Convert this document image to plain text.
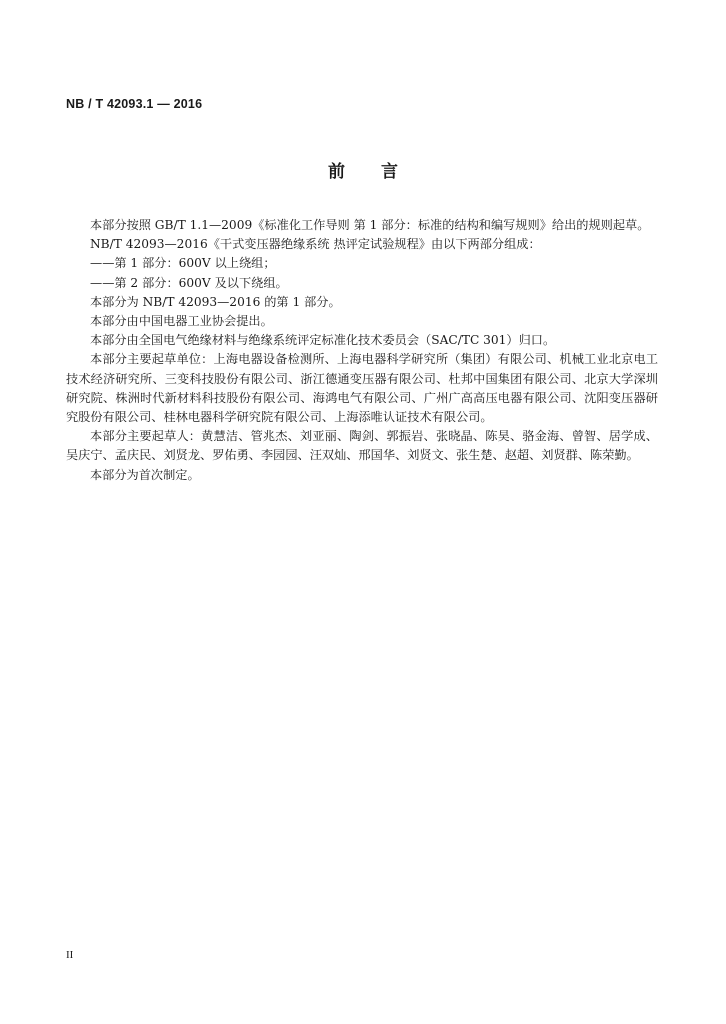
NB / T 42093.1 — 2016
前言

本部分按照 GB/T 1.1—2009《标准化工作导则 第 1 部分：标准的结构和编写规则》给出的规则起草。

NB/T 42093—2016《干式变压器绝缘系统 热评定试验规程》由以下两部分组成：

——第 1 部分：600V 以上绕组；

——第 2 部分：600V 及以下绕组。

本部分为 NB/T 42093—2016 的第 1 部分。

本部分由中国电器工业协会提出。

本部分由全国电气绝缘材料与绝缘系统评定标准化技术委员会（SAC/TC 301）归口。

本部分主要起草单位：上海电器设备检测所、上海电器科学研究所（集团）有限公司、机械工业北京电工技术经济研究所、三变科技股份有限公司、浙江德通变压器有限公司、杜邦中国集团有限公司、北京大学深圳研究院、株洲时代新材料科技股份有限公司、海鸿电气有限公司、广州广高高压电器有限公司、沈阳变压器研究股份有限公司、桂林电器科学研究院有限公司、上海添唯认证技术有限公司。

本部分主要起草人：黄慧洁、管兆杰、刘亚丽、陶剑、郭振岩、张晓晶、陈昊、骆金海、曾智、居学成、吴庆宁、孟庆民、刘贤龙、罗佑勇、李园园、汪双灿、邢国华、刘贤文、张生楚、赵超、刘贤群、陈荣勤。

本部分为首次制定。

II
